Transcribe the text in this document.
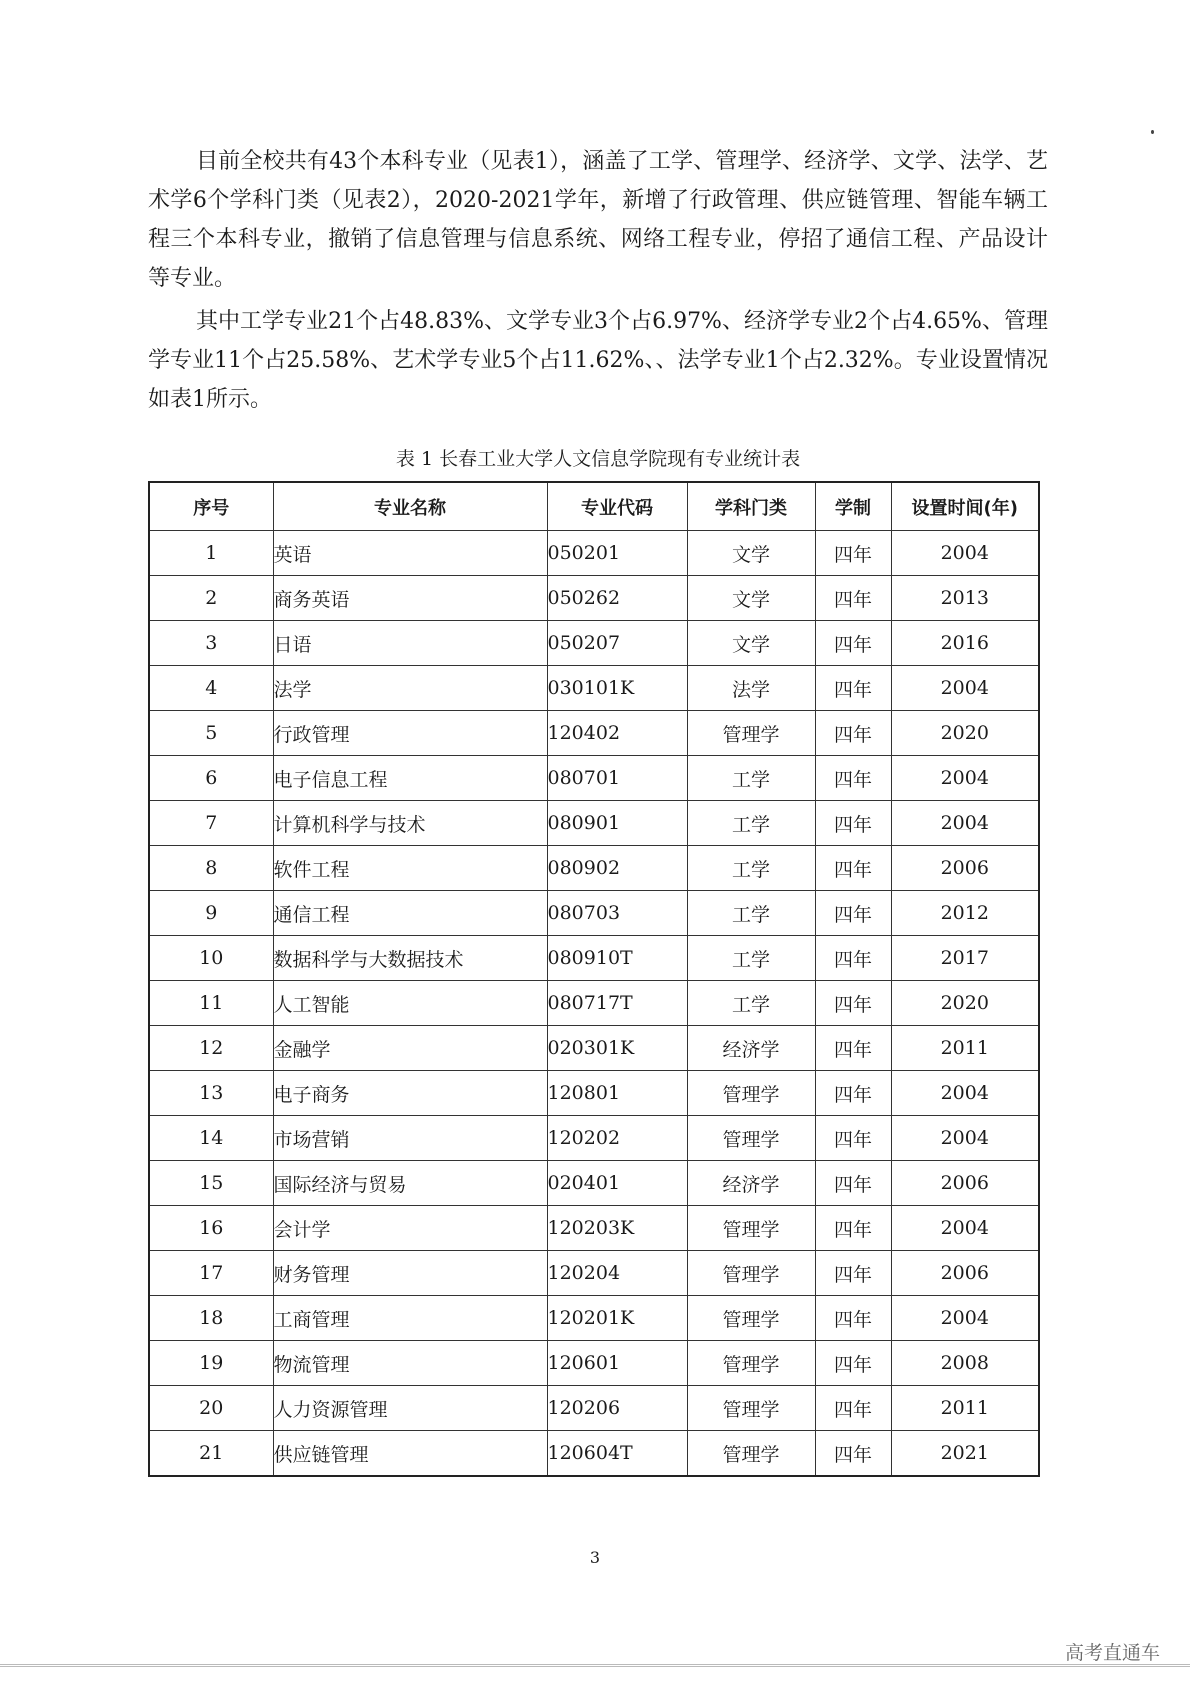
目前全校共有43个本科专业（见表1），涵盖了工学、管理学、经济学、文学、法学、艺术学6个学科门类（见表2），2020-2021学年，新增了行政管理、供应链管理、智能车辆工程三个本科专业，撤销了信息管理与信息系统、网络工程专业，停招了通信工程、产品设计等专业。

其中工学专业21个占48.83%、文学专业3个占6.97%、经济学专业2个占4.65%、管理学专业11个占25.58%、艺术学专业5个占11.62%、、法学专业1个占2.32%。专业设置情况如表1所示。

表 1 长春工业大学人文信息学院现有专业统计表
序号	专业名称	专业代码	学科门类	学制	设置时间(年)
1	英语	050201	文学	四年	2004
2	商务英语	050262	文学	四年	2013
3	日语	050207	文学	四年	2016
4	法学	030101K	法学	四年	2004
5	行政管理	120402	管理学	四年	2020
6	电子信息工程	080701	工学	四年	2004
7	计算机科学与技术	080901	工学	四年	2004
8	软件工程	080902	工学	四年	2006
9	通信工程	080703	工学	四年	2012
10	数据科学与大数据技术	080910T	工学	四年	2017
11	人工智能	080717T	工学	四年	2020
12	金融学	020301K	经济学	四年	2011
13	电子商务	120801	管理学	四年	2004
14	市场营销	120202	管理学	四年	2004
15	国际经济与贸易	020401	经济学	四年	2006
16	会计学	120203K	管理学	四年	2004
17	财务管理	120204	管理学	四年	2006
18	工商管理	120201K	管理学	四年	2004
19	物流管理	120601	管理学	四年	2008
20	人力资源管理	120206	管理学	四年	2011
21	供应链管理	120604T	管理学	四年	2021
3
高考直通车
